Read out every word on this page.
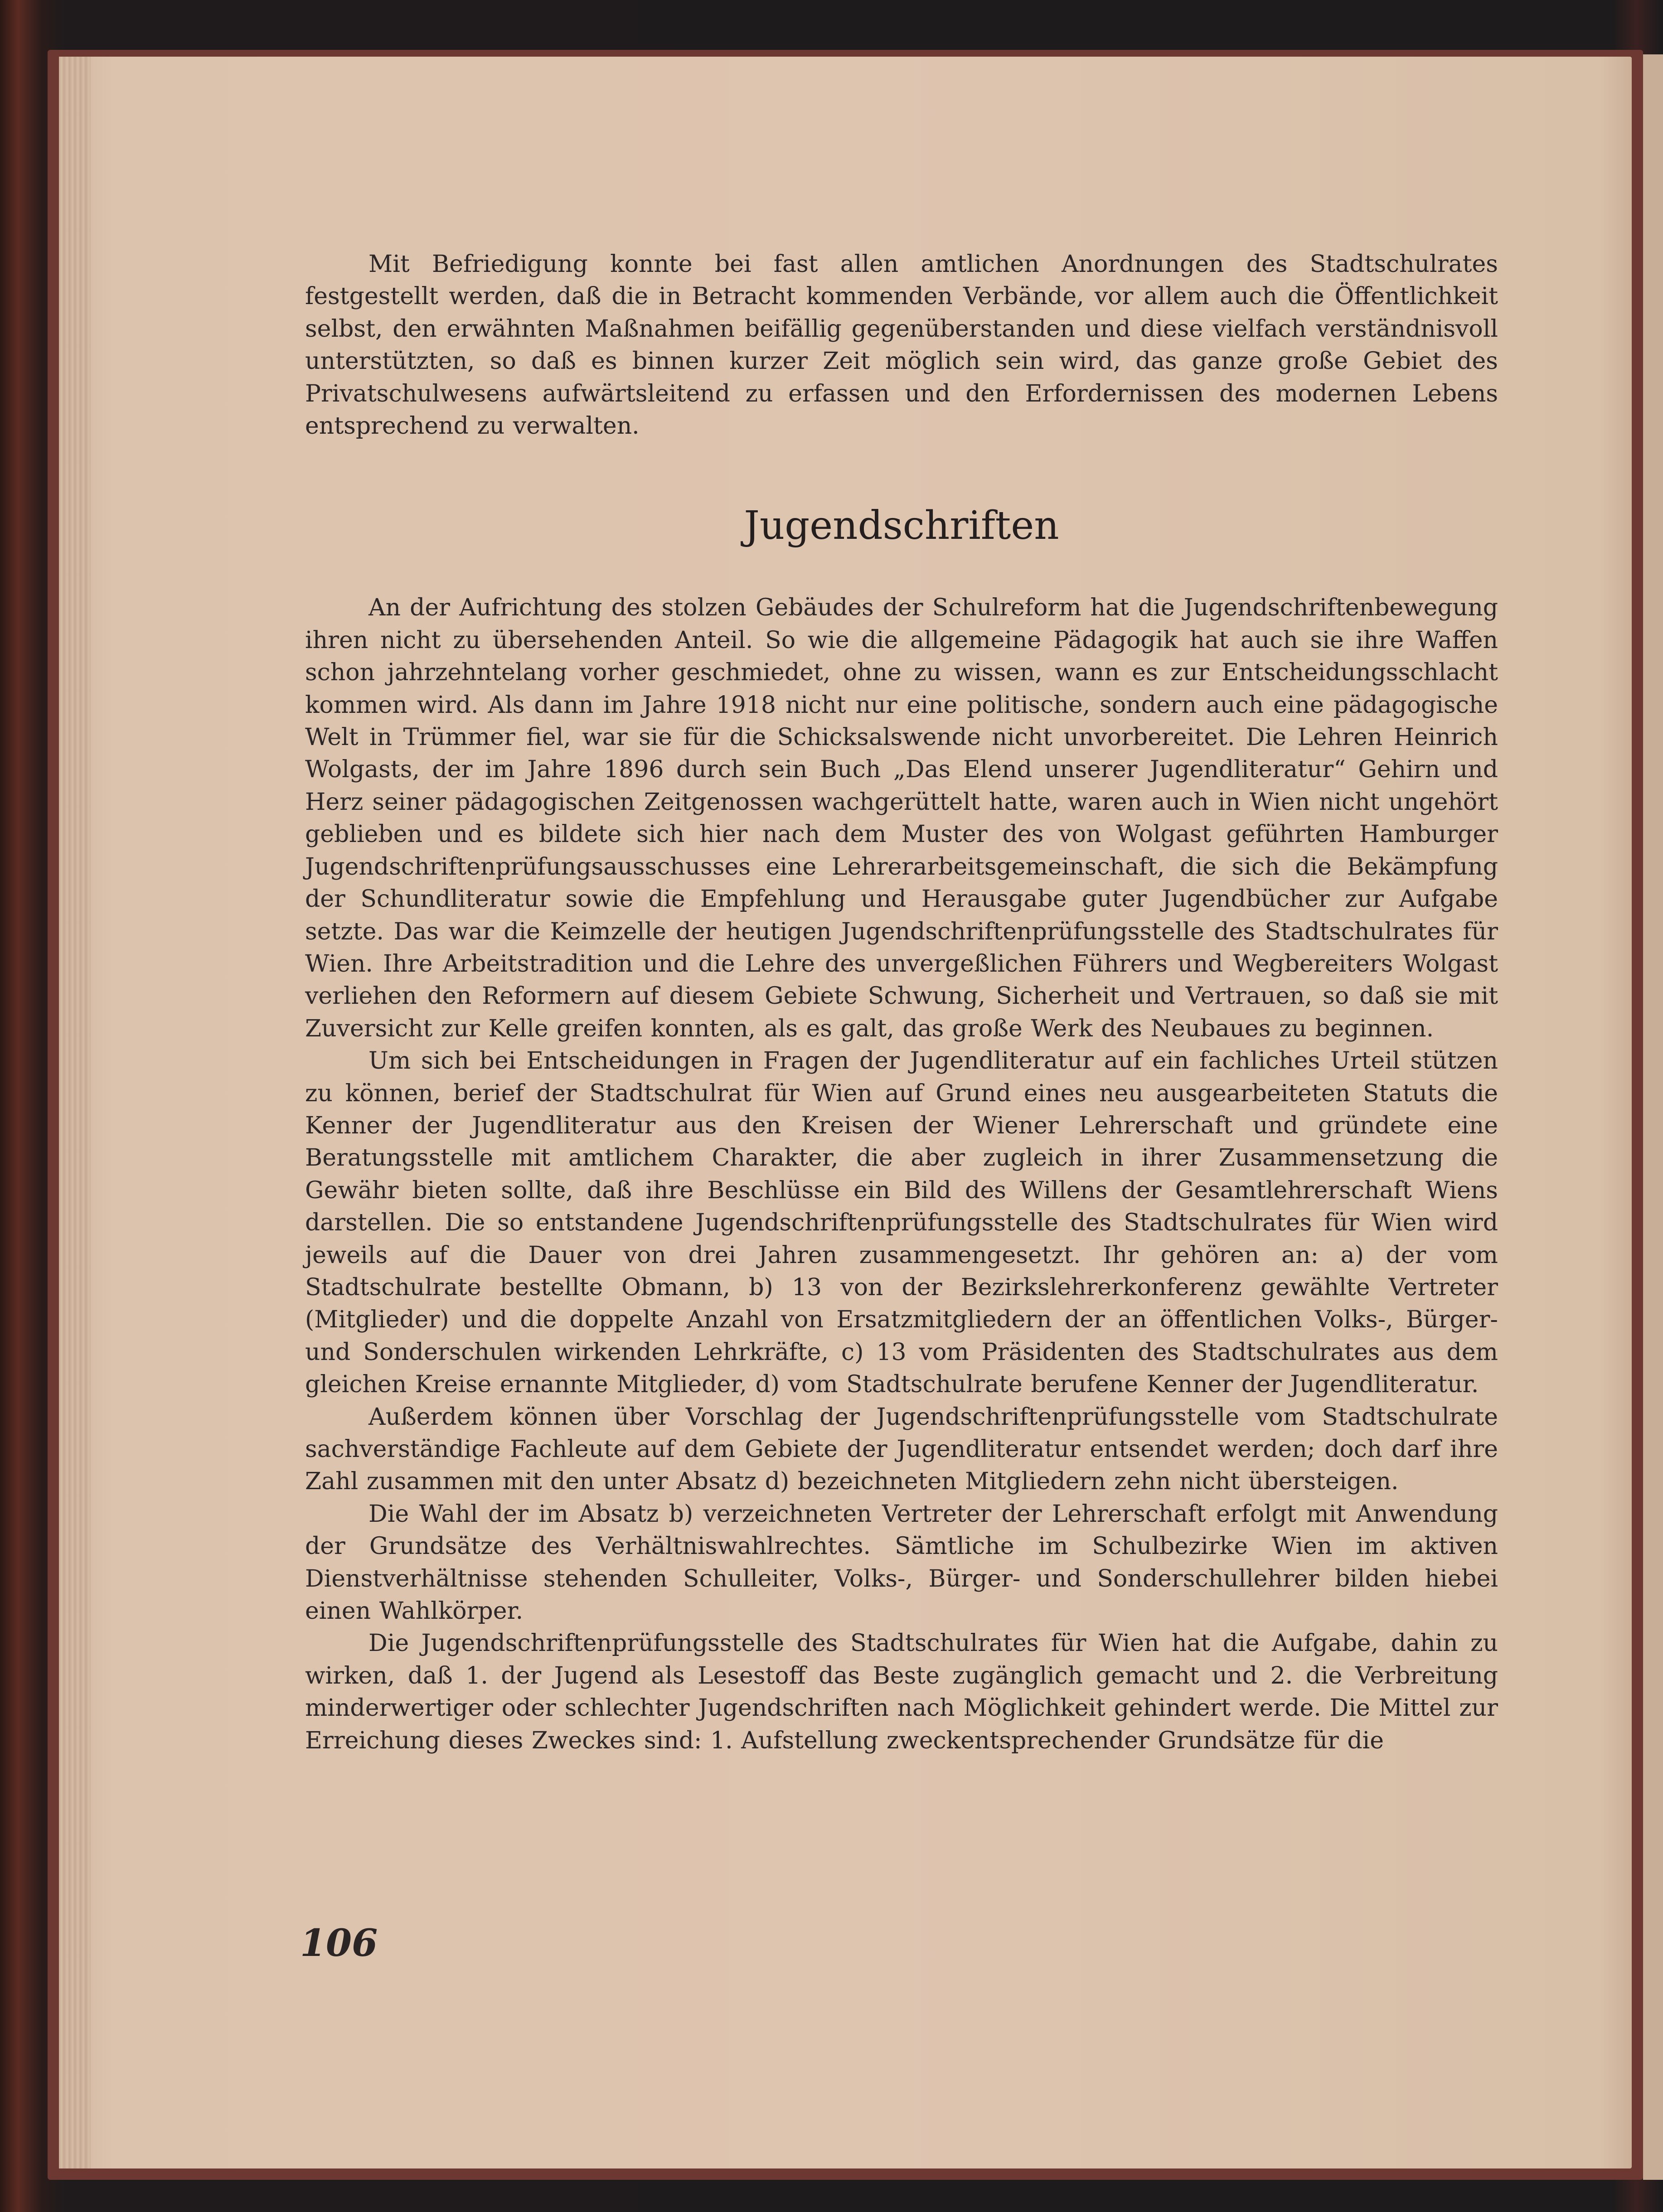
Mit Befriedigung konnte bei fast allen amtlichen Anordnungen des Stadtschulrates festgestellt werden, daß die in Betracht kommenden Verbände, vor allem auch die Öffentlichkeit selbst, den erwähnten Maßnahmen beifällig gegenüberstanden und diese vielfach verständnisvoll unterstützten, so daß es binnen kurzer Zeit möglich sein wird, das ganze große Gebiet des Privatschulwesens aufwärtsleitend zu erfassen und den Erfordernissen des modernen Lebens entsprechend zu verwalten.

Jugendschriften

An der Aufrichtung des stolzen Gebäudes der Schulreform hat die Jugendschriftenbewegung ihren nicht zu übersehenden Anteil. So wie die allgemeine Pädagogik hat auch sie ihre Waffen schon jahrzehntelang vorher geschmiedet, ohne zu wissen, wann es zur Entscheidungsschlacht kommen wird. Als dann im Jahre 1918 nicht nur eine politische, sondern auch eine pädagogische Welt in Trümmer fiel, war sie für die Schicksalswende nicht unvorbereitet. Die Lehren Heinrich Wolgasts, der im Jahre 1896 durch sein Buch „Das Elend unserer Jugendliteratur“ Gehirn und Herz seiner pädagogischen Zeitgenossen wachgerüttelt hatte, waren auch in Wien nicht ungehört geblieben und es bildete sich hier nach dem Muster des von Wolgast geführten Hamburger Jugendschriftenprüfungsausschusses eine Lehrerarbeitsgemeinschaft, die sich die Bekämpfung der Schundliteratur sowie die Empfehlung und Herausgabe guter Jugendbücher zur Aufgabe setzte. Das war die Keimzelle der heutigen Jugendschriftenprüfungsstelle des Stadtschulrates für Wien. Ihre Arbeitstradition und die Lehre des unvergeßlichen Führers und Wegbereiters Wolgast verliehen den Reformern auf diesem Gebiete Schwung, Sicherheit und Vertrauen, so daß sie mit Zuversicht zur Kelle greifen konnten, als es galt, das große Werk des Neubaues zu beginnen.

Um sich bei Entscheidungen in Fragen der Jugendliteratur auf ein fachliches Urteil stützen zu können, berief der Stadtschulrat für Wien auf Grund eines neu ausgearbeiteten Statuts die Kenner der Jugendliteratur aus den Kreisen der Wiener Lehrerschaft und gründete eine Beratungsstelle mit amtlichem Charakter, die aber zugleich in ihrer Zusammensetzung die Gewähr bieten sollte, daß ihre Beschlüsse ein Bild des Willens der Gesamtlehrerschaft Wiens darstellen. Die so entstandene Jugendschriftenprüfungsstelle des Stadtschulrates für Wien wird jeweils auf die Dauer von drei Jahren zusammengesetzt. Ihr gehören an: a) der vom Stadtschulrate bestellte Obmann, b) 13 von der Bezirkslehrerkonferenz gewählte Vertreter (Mitglieder) und die doppelte Anzahl von Ersatzmitgliedern der an öffentlichen Volks-, Bürger- und Sonderschulen wirkenden Lehrkräfte, c) 13 vom Präsidenten des Stadtschulrates aus dem gleichen Kreise ernannte Mitglieder, d) vom Stadtschulrate berufene Kenner der Jugendliteratur.

Außerdem können über Vorschlag der Jugendschriftenprüfungsstelle vom Stadtschulrate sachverständige Fachleute auf dem Gebiete der Jugendliteratur entsendet werden; doch darf ihre Zahl zusammen mit den unter Absatz d) bezeichneten Mitgliedern zehn nicht übersteigen.

Die Wahl der im Absatz b) verzeichneten Vertreter der Lehrerschaft erfolgt mit Anwendung der Grundsätze des Verhältniswahlrechtes. Sämtliche im Schulbezirke Wien im aktiven Dienstverhältnisse stehenden Schulleiter, Volks-, Bürger- und Sonderschullehrer bilden hiebei einen Wahlkörper.

Die Jugendschriftenprüfungsstelle des Stadtschulrates für Wien hat die Aufgabe, dahin zu wirken, daß 1. der Jugend als Lesestoff das Beste zugänglich gemacht und 2. die Verbreitung minderwertiger oder schlechter Jugendschriften nach Möglichkeit gehindert werde. Die Mittel zur Erreichung dieses Zweckes sind: 1. Aufstellung zweckentsprechender Grundsätze für die

106
